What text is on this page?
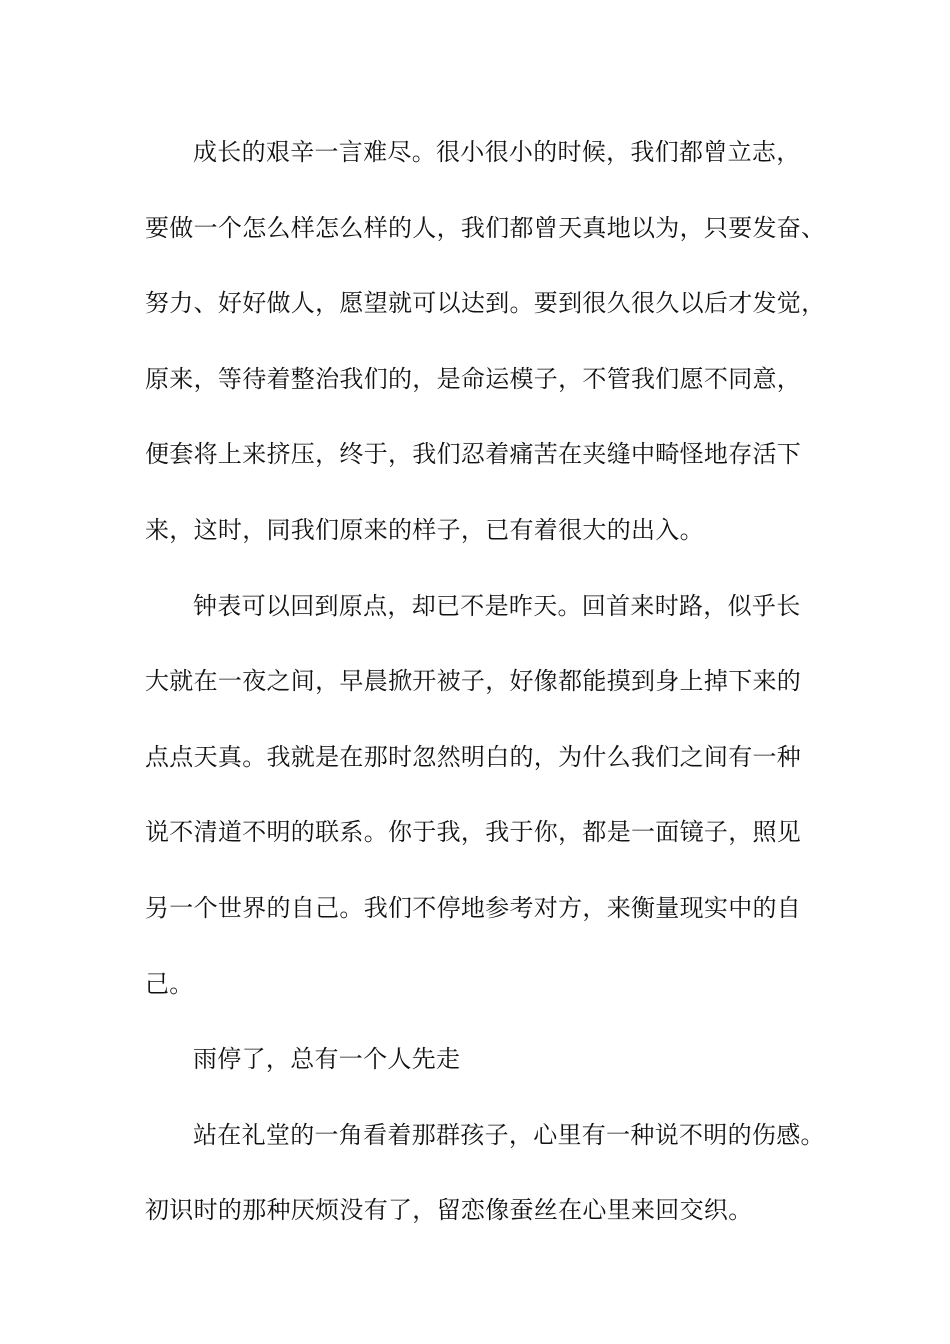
成长的艰辛一言难尽。很小很小的时候，我们都曾立志，
要做一个怎么样怎么样的人，我们都曾天真地以为，只要发奋、
努力、好好做人，愿望就可以达到。要到很久很久以后才发觉，
原来，等待着整治我们的，是命运模子，不管我们愿不同意，
便套将上来挤压，终于，我们忍着痛苦在夹缝中畸怪地存活下
来，这时，同我们原来的样子，已有着很大的出入。
钟表可以回到原点，却已不是昨天。回首来时路，似乎长
大就在一夜之间，早晨掀开被子，好像都能摸到身上掉下来的
点点天真。我就是在那时忽然明白的，为什么我们之间有一种
说不清道不明的联系。你于我，我于你，都是一面镜子，照见
另一个世界的自己。我们不停地参考对方，来衡量现实中的自
己。
雨停了，总有一个人先走
站在礼堂的一角看着那群孩子，心里有一种说不明的伤感。
初识时的那种厌烦没有了，留恋像蚕丝在心里来回交织。
